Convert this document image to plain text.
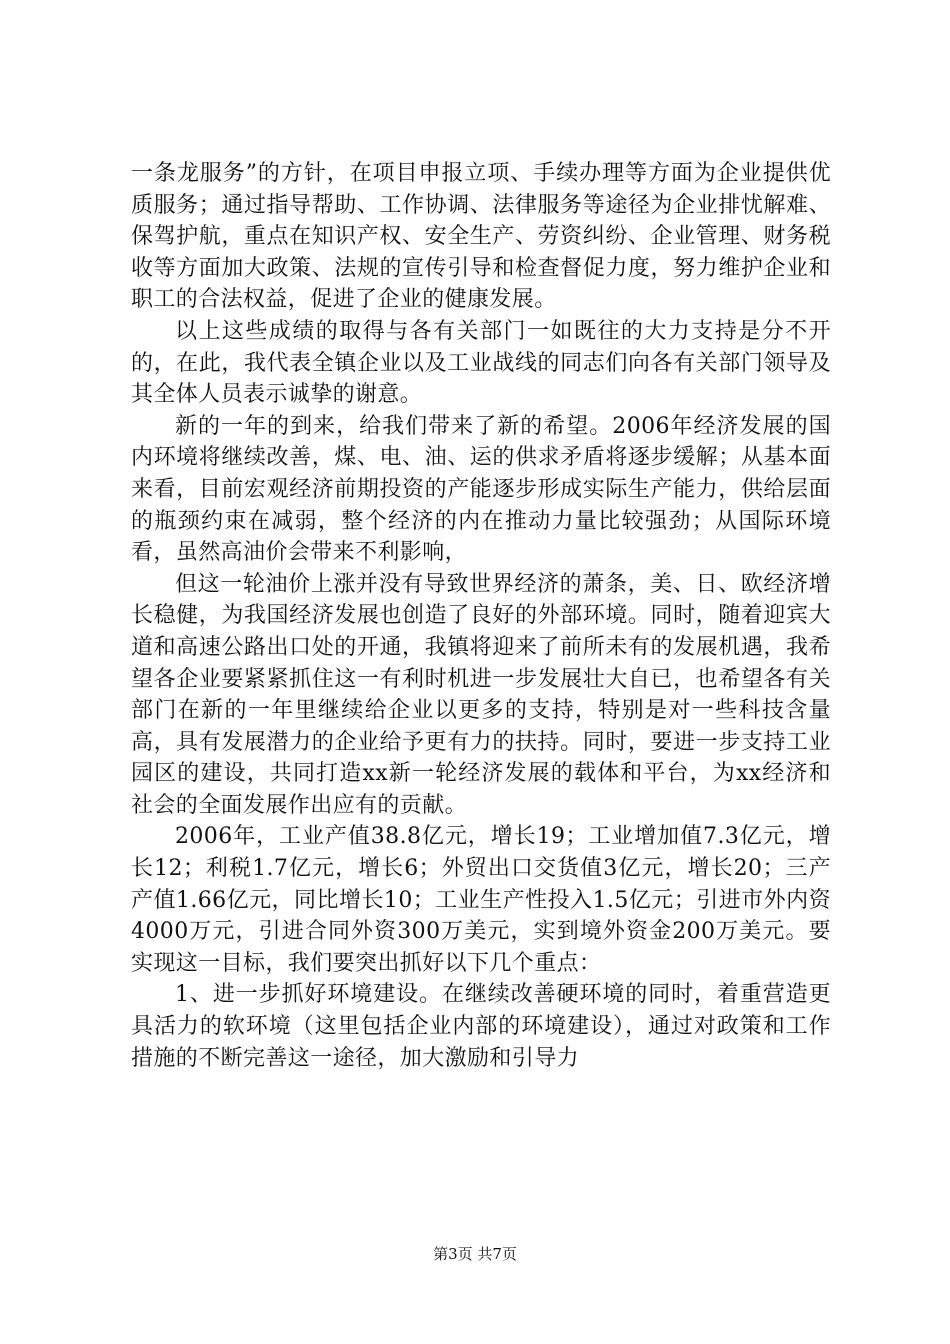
一条龙服务”的方针，在项目申报立项、手续办理等方面为企业提供优质服务；通过指导帮助、工作协调、法律服务等途径为企业排忧解难、保驾护航，重点在知识产权、安全生产、劳资纠纷、企业管理、财务税收等方面加大政策、法规的宣传引导和检查督促力度，努力维护企业和职工的合法权益，促进了企业的健康发展。

以上这些成绩的取得与各有关部门一如既往的大力支持是分不开的，在此，我代表全镇企业以及工业战线的同志们向各有关部门领导及其全体人员表示诚挚的谢意。

新的一年的到来，给我们带来了新的希望。2006年经济发展的国内环境将继续改善，煤、电、油、运的供求矛盾将逐步缓解；从基本面来看，目前宏观经济前期投资的产能逐步形成实际生产能力，供给层面的瓶颈约束在减弱，整个经济的内在推动力量比较强劲；从国际环境看，虽然高油价会带来不利影响，

但这一轮油价上涨并没有导致世界经济的萧条，美、日、欧经济增长稳健，为我国经济发展也创造了良好的外部环境。同时，随着迎宾大道和高速公路出口处的开通，我镇将迎来了前所未有的发展机遇，我希望各企业要紧紧抓住这一有利时机进一步发展壮大自已，也希望各有关部门在新的一年里继续给企业以更多的支持，特别是对一些科技含量高，具有发展潜力的企业给予更有力的扶持。同时，要进一步支持工业园区的建设，共同打造xx新一轮经济发展的载体和平台，为xx经济和社会的全面发展作出应有的贡献。

2006年，工业产值38.8亿元，增长19；工业增加值7.3亿元，增长12；利税1.7亿元，增长6；外贸出口交货值3亿元，增长20；三产产值1.66亿元，同比增长10；工业生产性投入1.5亿元；引进市外内资4000万元，引进合同外资300万美元，实到境外资金200万美元。要实现这一目标，我们要突出抓好以下几个重点：

1、进一步抓好环境建设。在继续改善硬环境的同时，着重营造更具活力的软环境（这里包括企业内部的环境建设），通过对政策和工作措施的不断完善这一途径，加大激励和引导力

第3页 共7页
